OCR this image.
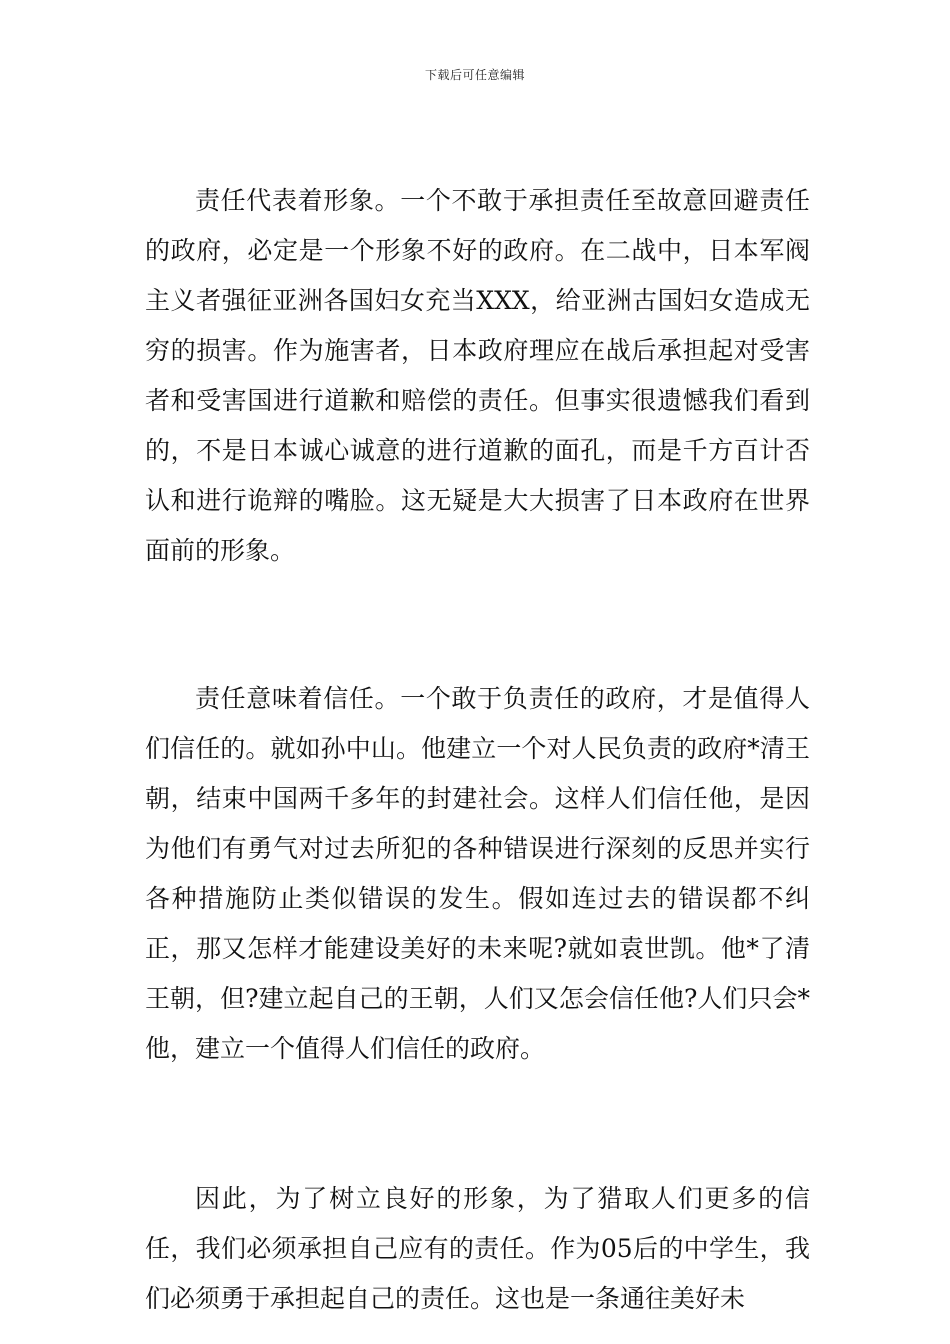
下载后可任意编辑

责任代表着形象。一个不敢于承担责任至故意回避责任的政府，必定是一个形象不好的政府。在二战中，日本军阀主义者强征亚洲各国妇女充当XXX，给亚洲古国妇女造成无穷的损害。作为施害者，日本政府理应在战后承担起对受害者和受害国进行道歉和赔偿的责任。但事实很遗憾我们看到的，不是日本诚心诚意的进行道歉的面孔，而是千方百计否认和进行诡辩的嘴脸。这无疑是大大损害了日本政府在世界面前的形象。

责任意味着信任。一个敢于负责任的政府，才是值得人们信任的。就如孙中山。他建立一个对人民负责的政府*清王朝，结束中国两千多年的封建社会。这样人们信任他，是因为他们有勇气对过去所犯的各种错误进行深刻的反思并实行各种措施防止类似错误的发生。假如连过去的错误都不纠正，那又怎样才能建设美好的未来呢?就如袁世凯。他*了清王朝，但?建立起自己的王朝，人们又怎会信任他?人们只会*他，建立一个值得人们信任的政府。

因此，为了树立良好的形象，为了猎取人们更多的信任，我们必须承担自己应有的责任。作为05后的中学生，我们必须勇于承担起自己的责任。这也是一条通往美好未
